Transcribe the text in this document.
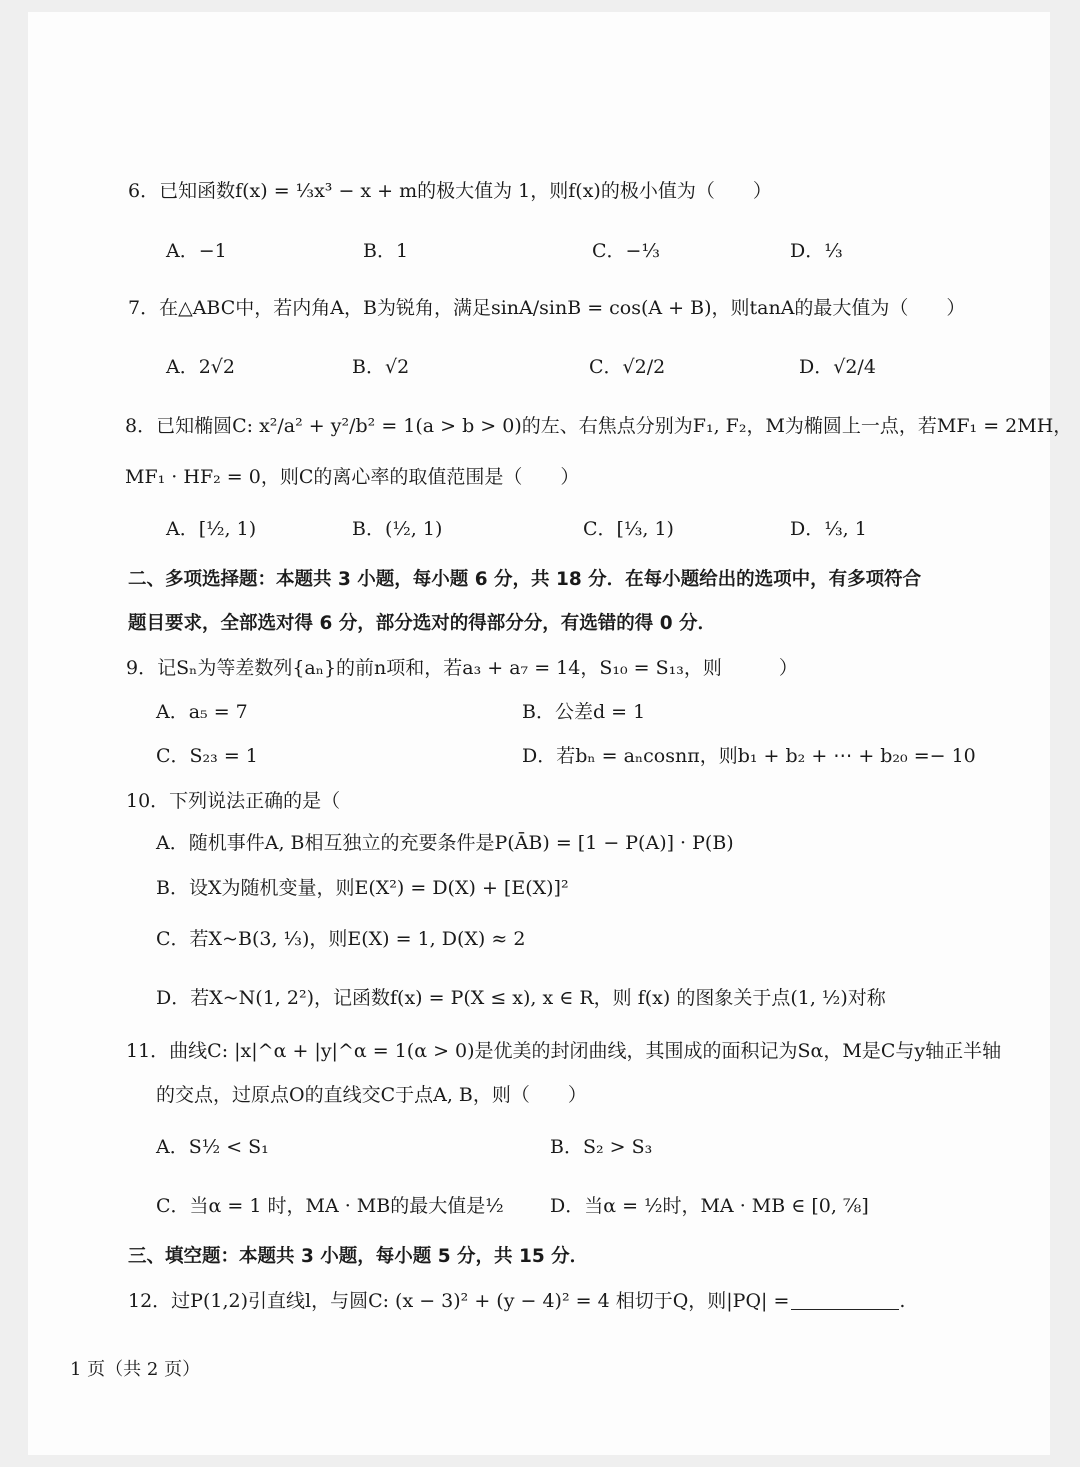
6．已知函数f(x) = ⅓x³ − x + m的极大值为 1，则f(x)的极小值为（　　）
A．−1	B．1	C．−⅓	D．⅓
7．在△ABC中，若内角A，B为锐角，满足sinA/sinB = cos(A + B)，则tanA的最大值为（　　）
A．2√2	B．√2	C．√2/2	D．√2/4
8．已知椭圆C: x²/a² + y²/b² = 1(a > b > 0)的左、右焦点分别为F₁, F₂，M为椭圆上一点，若MF₁ = 2MH，
MF₁ · HF₂ = 0，则C的离心率的取值范围是（　　）
A．[½, 1)	B．(½, 1)	C．[⅓, 1)	D．⅓, 1
二、多项选择题：本题共 3 小题，每小题 6 分，共 18 分．在每小题给出的选项中，有多项符合
题目要求，全部选对得 6 分，部分选对的得部分分，有选错的得 0 分．
9．记Sₙ为等差数列{aₙ}的前n项和，若a₃ + a₇ = 14，S₁₀ = S₁₃，则　　　）
A．a₅ = 7	B．公差d = 1
C．S₂₃ = 1	D．若bₙ = aₙcosnπ，则b₁ + b₂ + ⋯ + b₂₀ =− 10
10．下列说法正确的是（
A．随机事件A, B相互独立的充要条件是P(ĀB) = [1 − P(A)] · P(B)
B．设X为随机变量，则E(X²) = D(X) + [E(X)]²
C．若X~B(3, ⅓)，则E(X) = 1, D(X) ≈ 2
D．若X~N(1, 2²)，记函数f(x) = P(X ≤ x), x ∈ R，则 f(x) 的图象关于点(1, ½)对称
11．曲线C: |x|^α + |y|^α = 1(α > 0)是优美的封闭曲线，其围成的面积记为Sα，M是C与y轴正半轴
的交点，过原点O的直线交C于点A, B，则（　　）
A．S½ < S₁	B．S₂ > S₃
C．当α = 1 时，MA · MB的最大值是½ D．当α = ½时，MA · MB ∈ [0, ⅞]
三、填空题：本题共 3 小题，每小题 5 分，共 15 分．
12．过P(1,2)引直线l，与圆C: (x − 3)² + (y − 4)² = 4 相切于Q，则|PQ| =	.
1 页（共 2 页）
